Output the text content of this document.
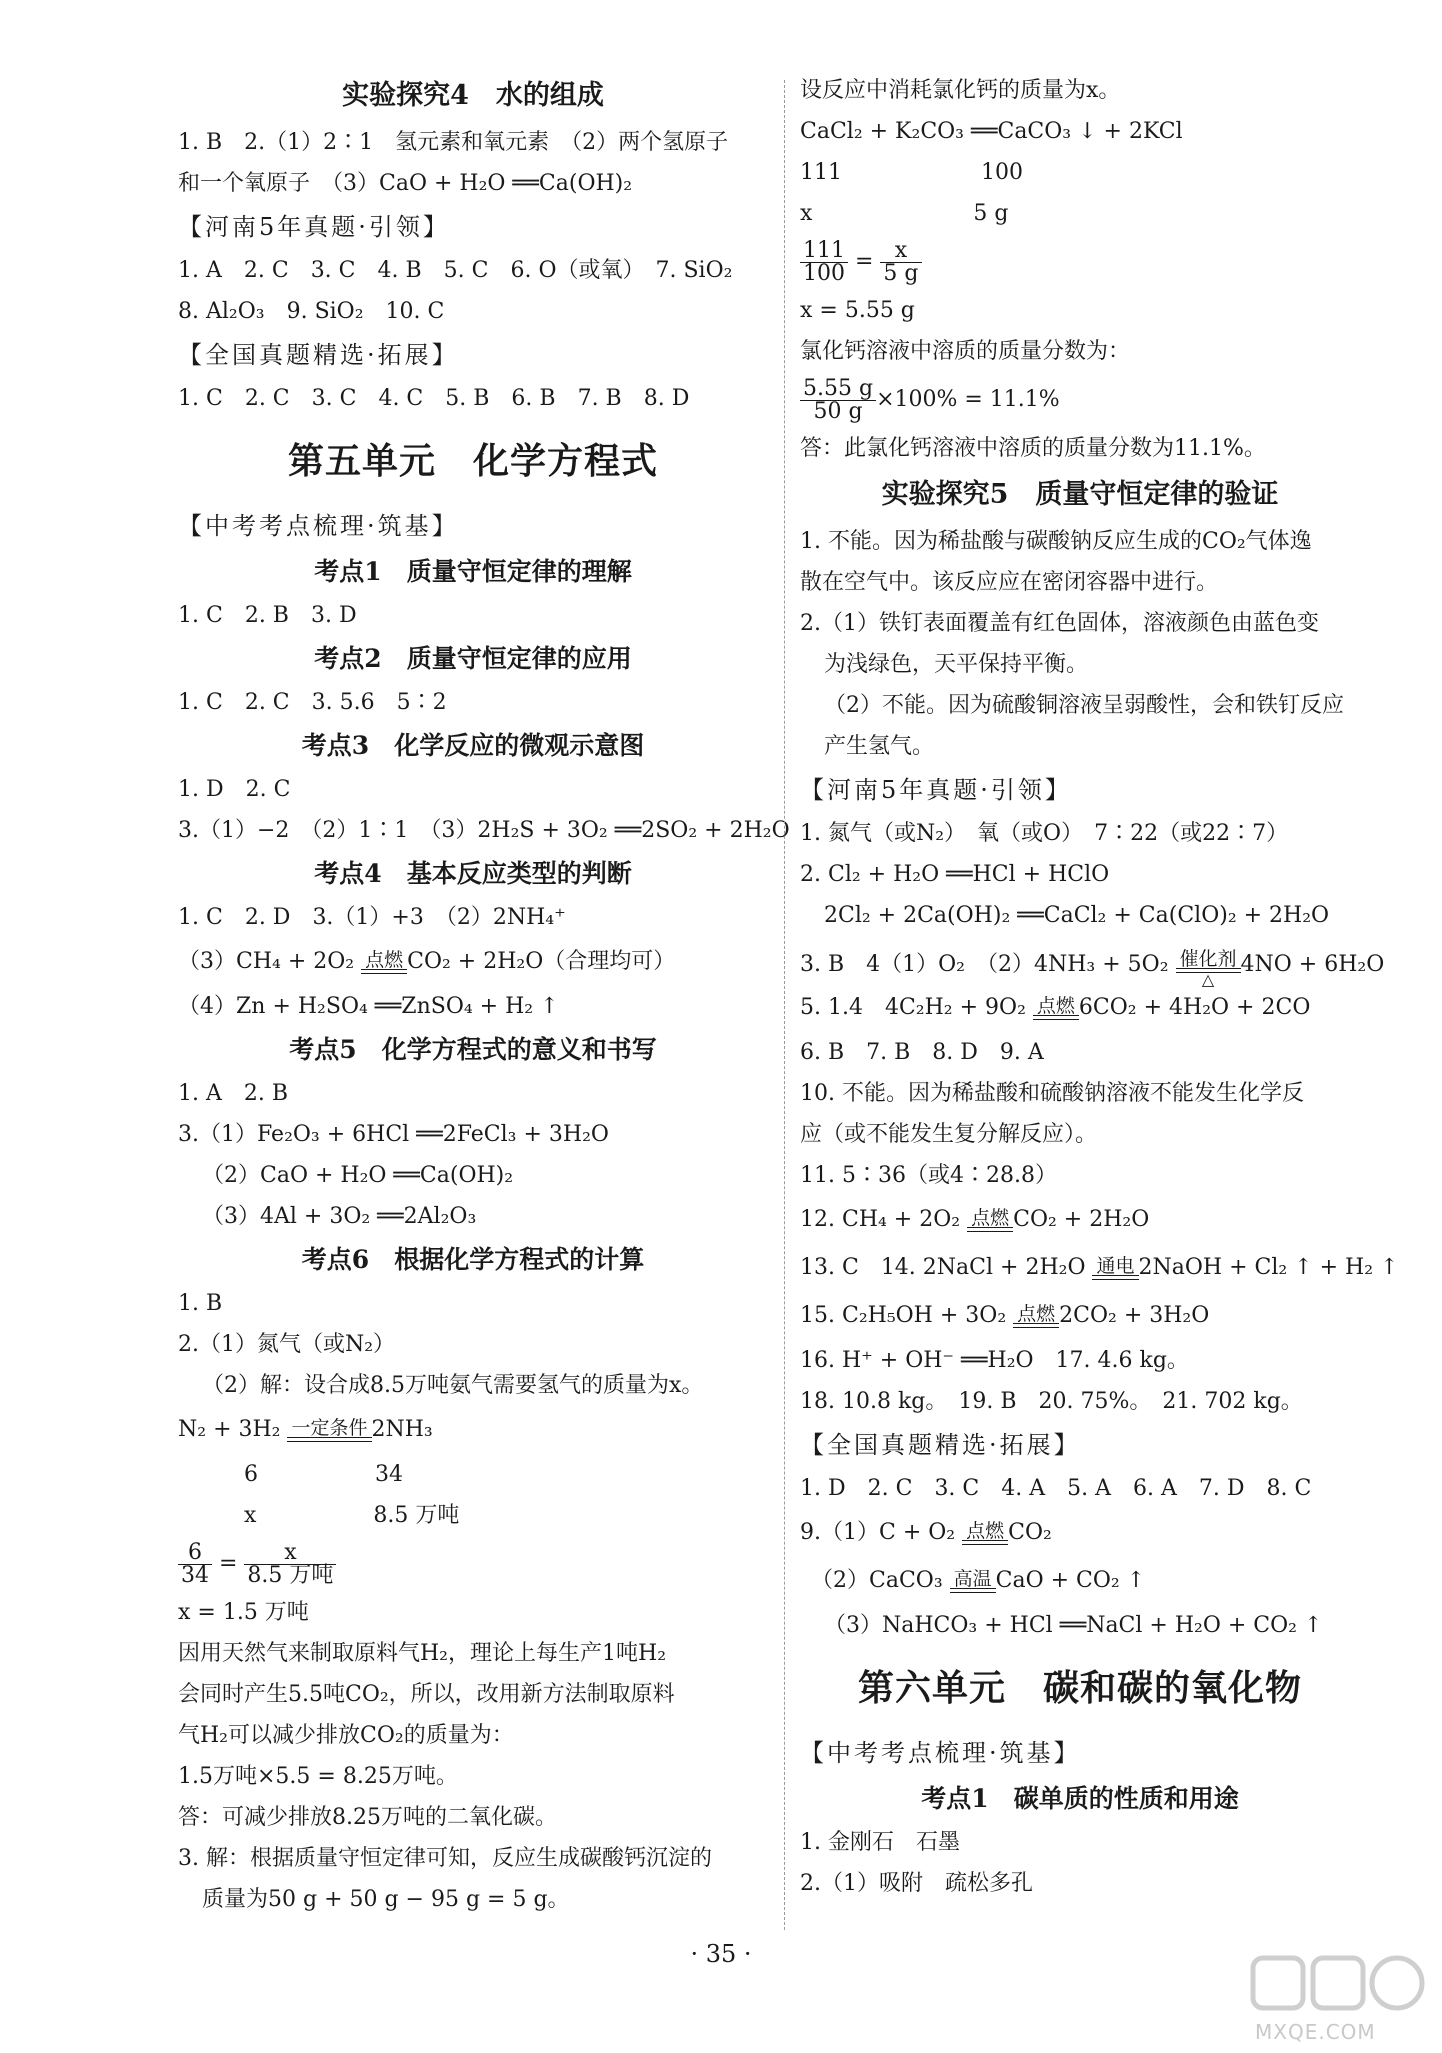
实验探究4　水的组成
1. B　2.（1）2∶1　氢元素和氧元素　（2）两个氢原子
和一个氧原子　（3）CaO + H₂O ══Ca(OH)₂
【河南5年真题·引领】
1. A　2. C　3. C　4. B　5. C　6. O（或氧）　7. SiO₂
8. Al₂O₃　9. SiO₂　10. C
【全国真题精选·拓展】
1. C　2. C　3. C　4. C　5. B　6. B　7. B　8. D
第五单元　化学方程式
【中考考点梳理·筑基】
考点1　质量守恒定律的理解
1. C　2. B　3. D
考点2　质量守恒定律的应用
1. C　2. C　3. 5.6　5∶2
考点3　化学反应的微观示意图
1. D　2. C
3.（1）−2　（2）1∶1　（3）2H₂S + 3O₂ ══2SO₂ + 2H₂O
考点4　基本反应类型的判断
1. C　2. D　3.（1）+3　（2）2NH₄⁺
（3）CH₄ + 2O₂ 点燃 CO₂ + 2H₂O（合理均可）
（4）Zn + H₂SO₄ ══ZnSO₄ + H₂ ↑
考点5　化学方程式的意义和书写
1. A　2. B
3.（1）Fe₂O₃ + 6HCl ══2FeCl₃ + 3H₂O
（2）CaO + H₂O ══Ca(OH)₂
（3）4Al + 3O₂ ══2Al₂O₃
考点6　根据化学方程式的计算
1. B
2.（1）氮气（或N₂）
（2）解：设合成8.5万吨氨气需要氢气的质量为x。
N₂ + 3H₂ 一定条件 2NH₃
　　　6　　　　　 34
　　　x　　　　　 8.5 万吨
$\frac{6}{34} = \frac{x}{\text{8.5 万吨}}$
x = 1.5 万吨
因用天然气来制取原料气H₂，理论上每生产1吨H₂
会同时产生5.5吨CO₂，所以，改用新方法制取原料
气H₂可以减少排放CO₂的质量为：
1.5万吨×5.5 = 8.25万吨。
答：可减少排放8.25万吨的二氧化碳。
3. 解：根据质量守恒定律可知，反应生成碳酸钙沉淀的
质量为50 g + 50 g − 95 g = 5 g。
设反应中消耗氯化钙的质量为x。
CaCl₂ + K₂CO₃ ══CaCO₃ ↓ + 2KCl
111　　　　　　 100
x　　　　　　　 5 g
$\frac{111}{100} = \frac{x}{5 g}$
x = 5.55 g
氯化钙溶液中溶质的质量分数为：
$\frac{5.55 g}{50 g} \times 100\% = 11.1\%$
答：此氯化钙溶液中溶质的质量分数为11.1%。
实验探究5　质量守恒定律的验证
1. 不能。因为稀盐酸与碳酸钠反应生成的CO₂气体逸
散在空气中。该反应应在密闭容器中进行。
2.（1）铁钉表面覆盖有红色固体，溶液颜色由蓝色变
为浅绿色，天平保持平衡。
（2）不能。因为硫酸铜溶液呈弱酸性，会和铁钉反应
产生氢气。
【河南5年真题·引领】
1. 氮气（或N₂）　氧（或O）　7∶22（或22∶7）
2. Cl₂ + H₂O ══HCl + HClO
2Cl₂ + 2Ca(OH)₂ ══CaCl₂ + Ca(ClO)₂ + 2H₂O
3. B　4（1）O₂　（2）4NH₃ + 5O₂ 催化剂
△
4NO + 6H₂O
5. 1.4　4C₂H₂ + 9O₂ 点燃 6CO₂ + 4H₂O + 2CO
6. B　7. B　8. D　9. A
10. 不能。因为稀盐酸和硫酸钠溶液不能发生化学反
应（或不能发生复分解反应）。
11. 5∶36（或4∶28.8）
12. CH₄ + 2O₂ 点燃 CO₂ + 2H₂O
13. C　14. 2NaCl + 2H₂O 通电 2NaOH + Cl₂ ↑ + H₂ ↑
15. C₂H₅OH + 3O₂ 点燃 2CO₂ + 3H₂O
16. H⁺ + OH⁻ ══H₂O　17. 4.6 kg。
18. 10.8 kg。　19. B　20. 75%。　21. 702 kg。
【全国真题精选·拓展】
1. D　2. C　3. C　4. A　5. A　6. A　7. D　8. C
9.（1）C + O₂ 点燃 CO₂
　（2）CaCO₃ 高温 CaO + CO₂ ↑
（3）NaHCO₃ + HCl ══NaCl + H₂O + CO₂ ↑
第六单元　碳和碳的氧化物
【中考考点梳理·筑基】
考点1　碳单质的性质和用途
1. 金刚石　石墨
2.（1）吸附　疏松多孔
· 35 ·
MXQE.COM
